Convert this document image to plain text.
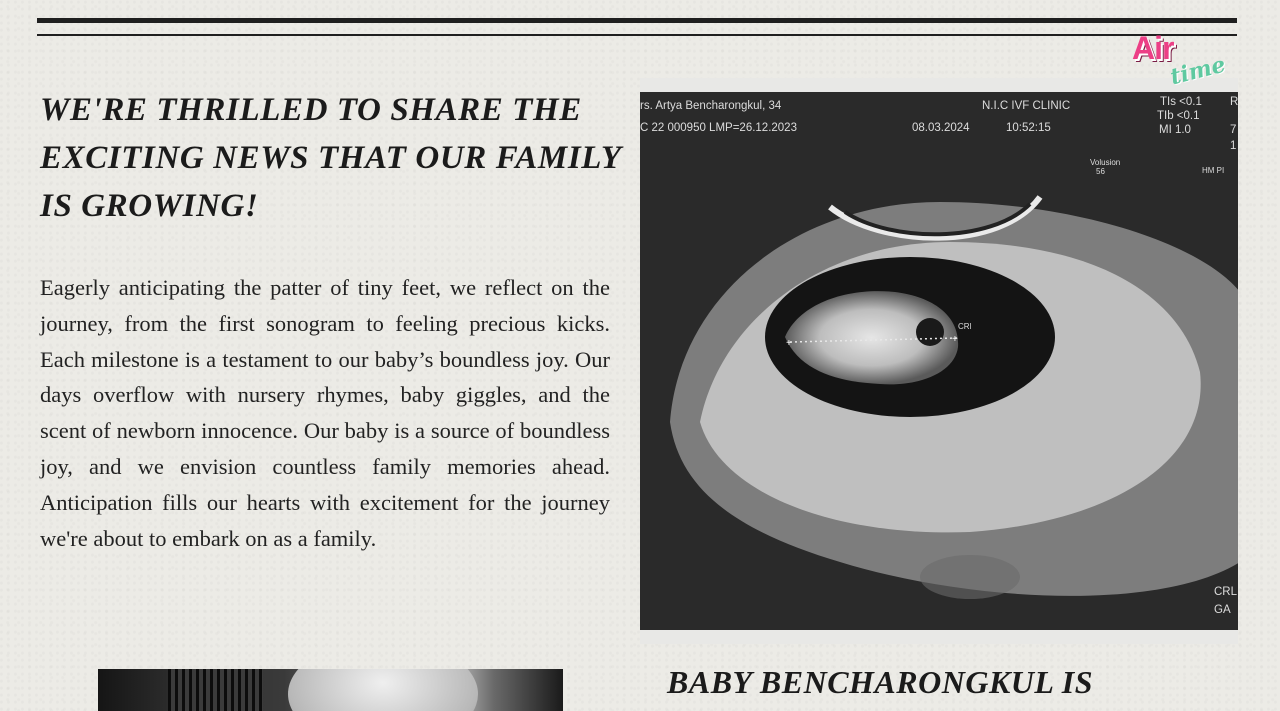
WE'RE THRILLED TO SHARE THE EXCITING NEWS THAT OUR FAMILY IS GROWING!

Eagerly anticipating the patter of tiny feet, we reflect on the journey, from the first sonogram to feeling precious kicks. Each milestone is a testament to our baby’s boundless joy. Our days overflow with nursery rhymes, baby giggles, and the scent of newborn innocence. Our baby is a source of boundless joy, and we envision countless family memories ahead. Anticipation fills our hearts with excitement for the journey we're about to embark on as a family.

+	+
rs. Artya Bencharongkul, 34	N.I.C IVF CLINIC
C 22 000950 LMP=26.12.2023	08.03.2024	10:52:15
TIs <0.1
TIb <0.1
MI 1.0
R
7
1
HM PI
Volusion
56
CRl
CRL
GA
Air
time
BABY BENCHARONGKUL IS
